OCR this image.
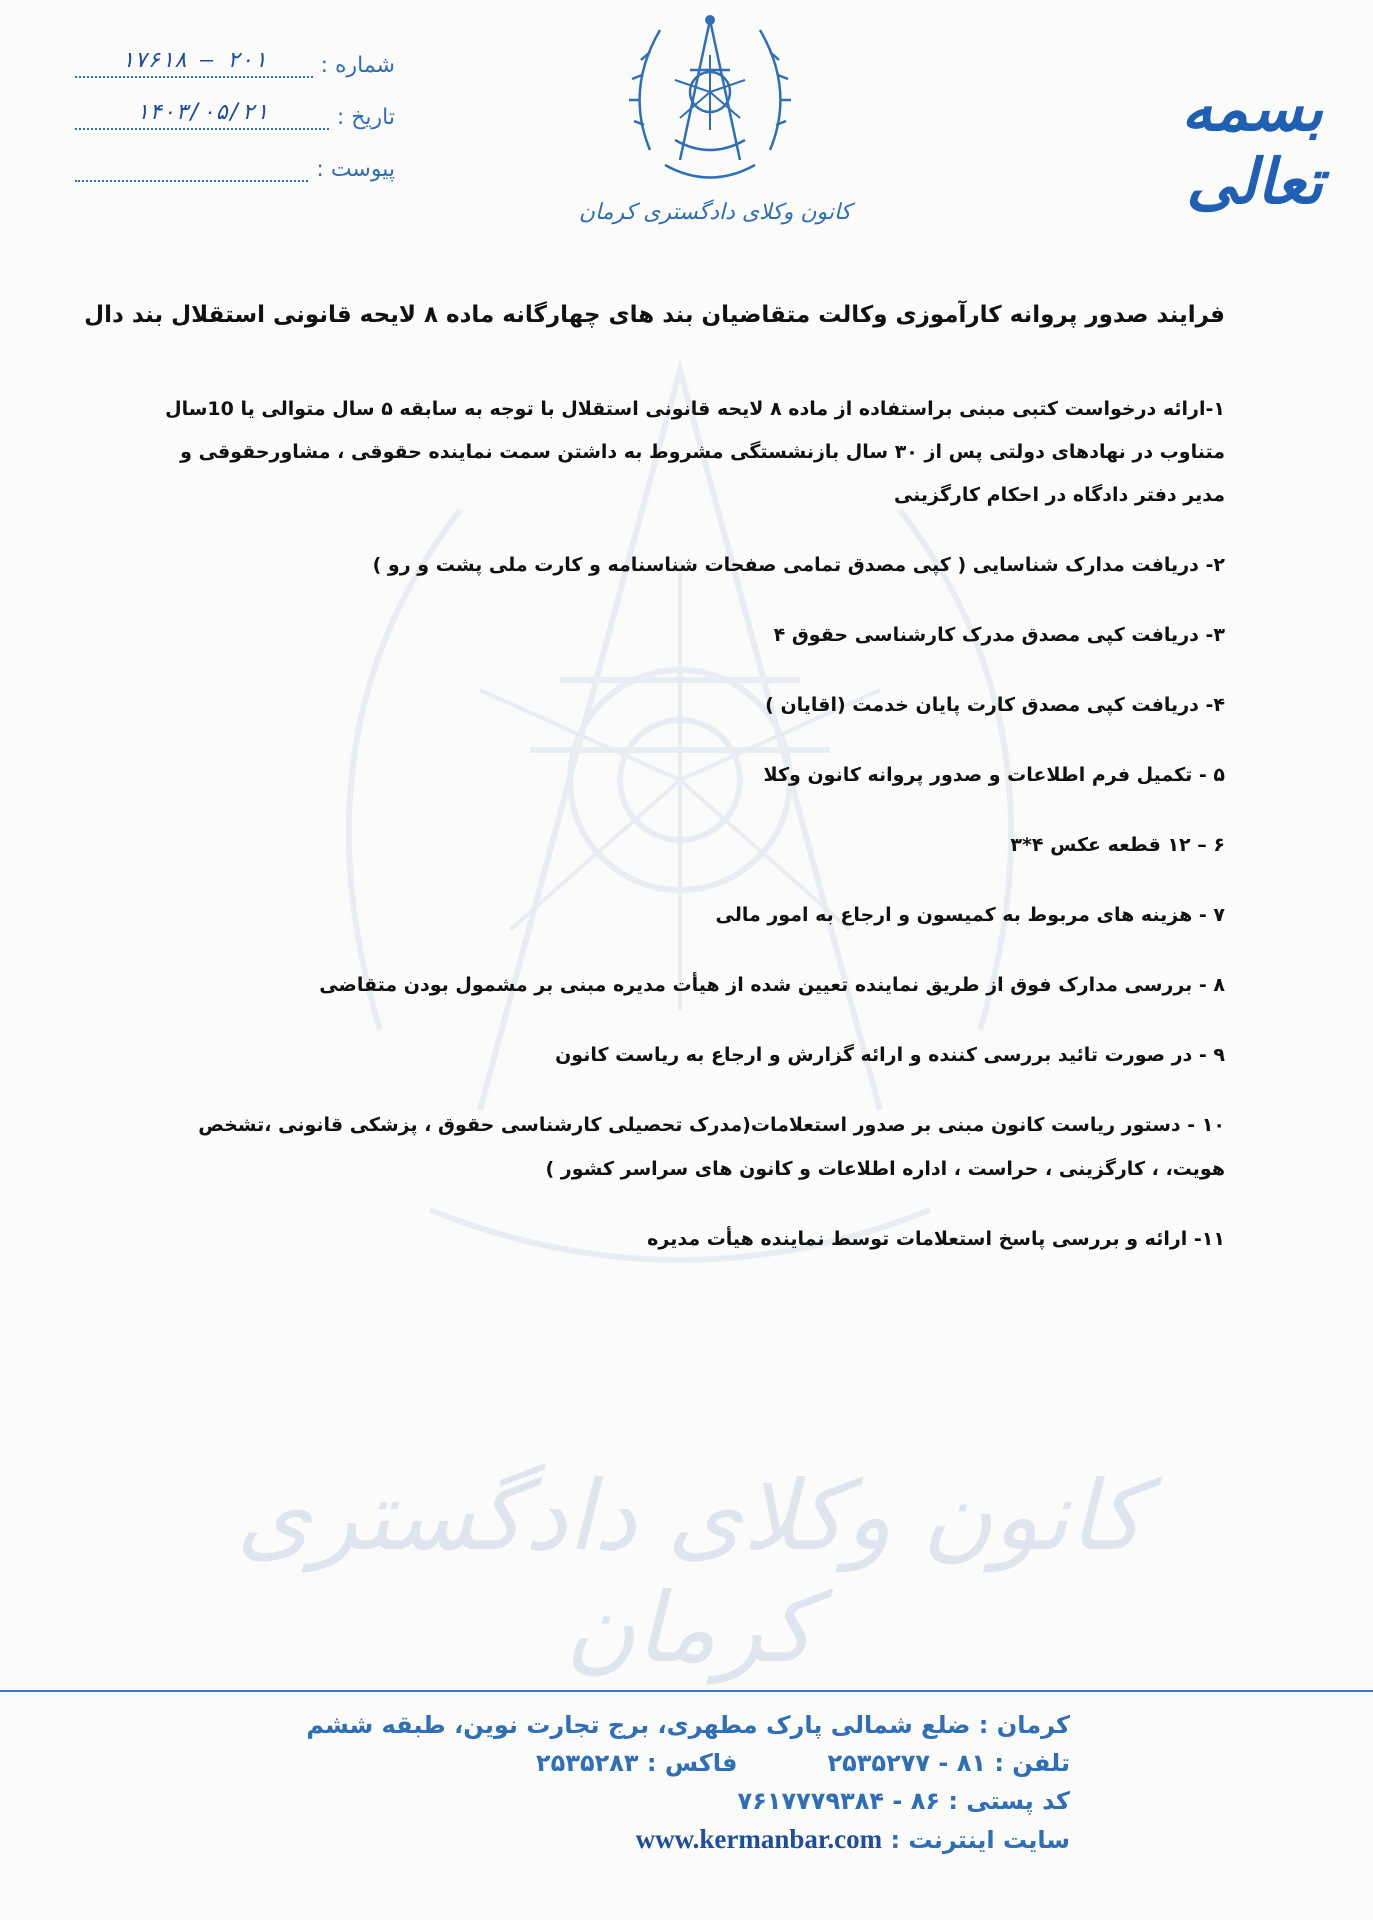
کانون وکلای دادگستری کرمان
شماره :
۲۰۱ – ۱۷۶۱۸
تاریخ :
۱۴۰۳/۰۵/۲۱
پیوست :
کانون وکلای دادگستری کرمان
بسمه تعالی
فرایند صدور پروانه کارآموزی وکالت متقاضیان بند های چهارگانه ماده ۸ لایحه قانونی استقلال بند دال
۱-ارائه درخواست کتبی مبنی براستفاده از ماده ۸ لایحه قانونی استقلال با توجه به سابقه ۵ سال متوالی یا 10سال متناوب در نهادهای دولتی پس از ۳۰ سال بازنشستگی مشروط به داشتن سمت نماینده حقوقی ، مشاورحقوقی و مدیر دفتر دادگاه در احکام کارگزینی
۲- دریافت مدارک شناسایی ( کپی مصدق تمامی صفحات شناسنامه و کارت ملی پشت و رو )
۳- دریافت کپی مصدق مدرک کارشناسی حقوق ۴
۴- دریافت کپی مصدق کارت پایان خدمت (اقایان )
۵ - تکمیل فرم اطلاعات و صدور پروانه کانون وکلا
۶ – ۱۲ قطعه عکس ۴*۳
۷ - هزینه های مربوط به کمیسون و ارجاع به امور مالی
۸ - بررسی مدارک فوق از طریق نماینده تعیین شده از هیأت مدیره مبنی بر مشمول بودن متقاضی
۹ - در صورت تائید بررسی کننده و ارائه گزارش و ارجاع به ریاست کانون
۱۰ - دستور ریاست کانون مبنی بر صدور استعلامات(مدرک تحصیلی کارشناسی حقوق ، پزشکی قانونی ،تشخص هویت، ، کارگزینی ، حراست ، اداره اطلاعات و کانون های سراسر کشور )
۱۱- ارائه و بررسی پاسخ استعلامات توسط نماینده هیأت مدیره
کرمان : ضلع شمالی پارک مطهری، برج تجارت نوین، طبقه ششم
تلفن : ۸۱ - ۲۵۳۵۲۷۷
فاکس : ۲۵۳۵۲۸۳
کد پستی : ۸۶ - ۷۶۱۷۷۷۹۳۸۴
سایت اینترنت : www.kermanbar.com
